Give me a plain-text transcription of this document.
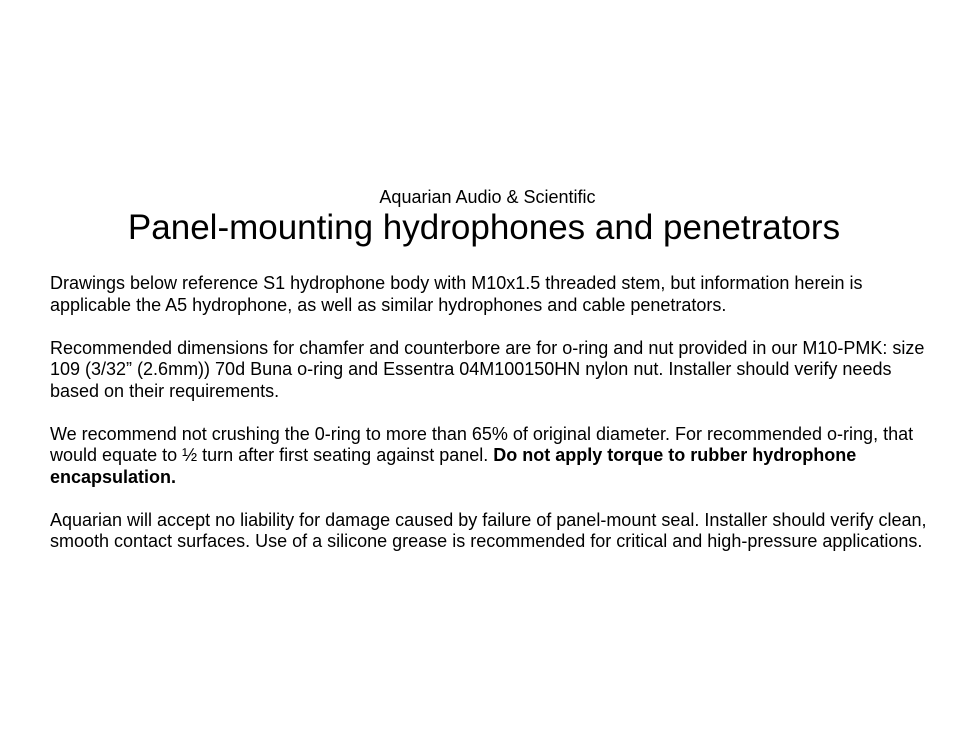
Aquarian Audio & Scientific
Panel-mounting hydrophones and penetrators

Drawings below reference S1 hydrophone body with M10x1.5 threaded stem, but information herein is applicable the A5 hydrophone, as well as similar hydrophones and cable penetrators.

Recommended dimensions for chamfer and counterbore are for o-ring and nut provided in our M10-PMK: size 109 (3/32” (2.6mm)) 70d Buna o-ring and Essentra 04M100150HN nylon nut. Installer should verify needs based on their requirements.

We recommend not crushing the 0-ring to more than 65% of original diameter. For recommended o-ring, that would equate to ½ turn after first seating against panel. Do not apply torque to rubber hydrophone encapsulation.

Aquarian will accept no liability for damage caused by failure of panel-mount seal. Installer should verify clean, smooth contact surfaces. Use of a silicone grease is recommended for critical and high-pressure applications.
